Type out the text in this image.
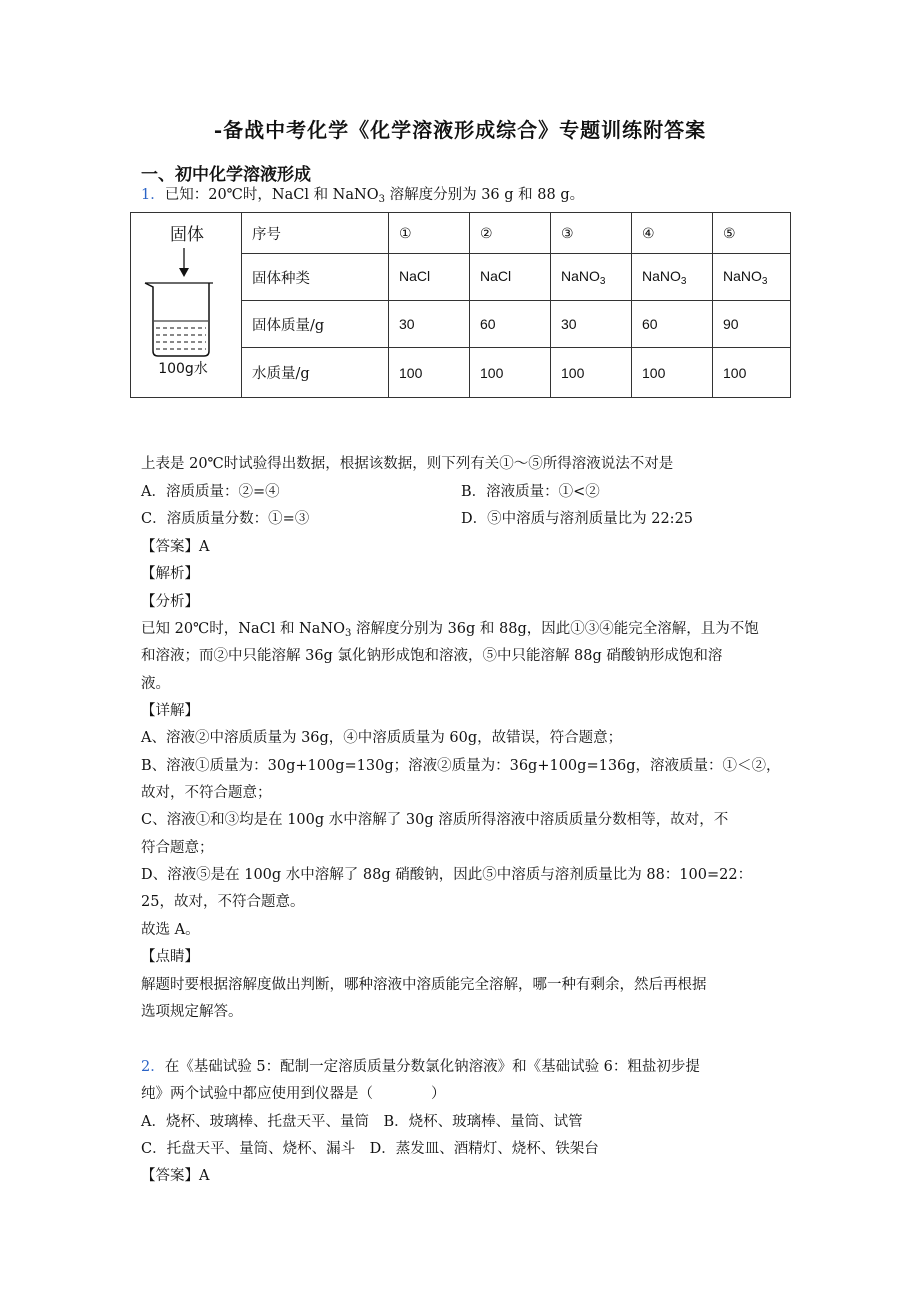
-备战中考化学《化学溶液形成综合》专题训练附答案
一、初中化学溶液形成
1．已知：20℃时，NaCl 和 NaNO$_3$ 溶解度分别为 36 g 和 88 g。
固体
100g水	序号	①	②	③	④	⑤
	固体种类	NaCl	NaCl	NaNO$_3$	NaNO$_3$	NaNO$_3$
	固体质量/g	30	60	30	60	90
	水质量/g	100	100	100	100	100
上表是 20℃时试验得出数据，根据该数据，则下列有关①～⑤所得溶液说法不对是
A．溶质质量：②=④	B．溶液质量：①<②
C．溶质质量分数：①=③	D．⑤中溶质与溶剂质量比为 22:25
【答案】A
【解析】
【分析】
已知 20℃时，NaCl 和 NaNO$_3$ 溶解度分别为 36g 和 88g，因此①③④能完全溶解，且为不饱
和溶液；而②中只能溶解 36g 氯化钠形成饱和溶液，⑤中只能溶解 88g 硝酸钠形成饱和溶
液。
【详解】
A、溶液②中溶质质量为 36g，④中溶质质量为 60g，故错误，符合题意；
B、溶液①质量为：30g+100g=130g；溶液②质量为：36g+100g=136g，溶液质量：①＜②，
故对，不符合题意；
C、溶液①和③均是在 100g 水中溶解了 30g 溶质所得溶液中溶质质量分数相等，故对，不
符合题意；
D、溶液⑤是在 100g 水中溶解了 88g 硝酸钠，因此⑤中溶质与溶剂质量比为 88：100=22：
25，故对，不符合题意。
故选 A。
【点睛】
解题时要根据溶解度做出判断，哪种溶液中溶质能完全溶解，哪一种有剩余，然后再根据
选项规定解答。
2．在《基础试验 5：配制一定溶质质量分数氯化钠溶液》和《基础试验 6：粗盐初步提
纯》两个试验中都应使用到仪器是（　　　　）
A．烧杯、玻璃棒、托盘天平、量筒　B．烧杯、玻璃棒、量筒、试管
C．托盘天平、量筒、烧杯、漏斗　D．蒸发皿、酒精灯、烧杯、铁架台
【答案】A
